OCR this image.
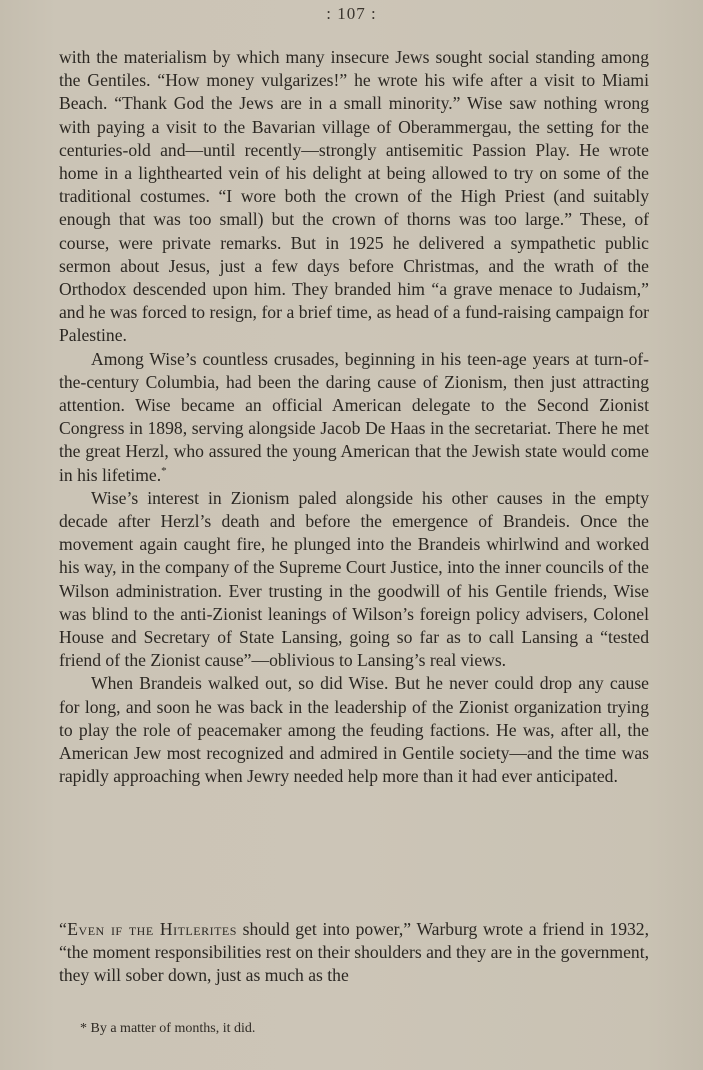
: 107 :

with the materialism by which many insecure Jews sought social standing among the Gentiles. “How money vulgarizes!” he wrote his wife after a visit to Miami Beach. “Thank God the Jews are in a small minority.” Wise saw nothing wrong with paying a visit to the Bavarian village of Oberammergau, the setting for the centuries-old and—until recently—strongly antisemitic Passion Play. He wrote home in a lighthearted vein of his delight at being allowed to try on some of the traditional costumes. “I wore both the crown of the High Priest (and suitably enough that was too small) but the crown of thorns was too large.” These, of course, were private remarks. But in 1925 he delivered a sympathetic public sermon about Jesus, just a few days before Christmas, and the wrath of the Orthodox descended upon him. They branded him “a grave menace to Judaism,” and he was forced to resign, for a brief time, as head of a fund-raising campaign for Palestine.

Among Wise’s countless crusades, beginning in his teen-age years at turn-of-the-century Columbia, had been the daring cause of Zionism, then just attracting attention. Wise became an official American delegate to the Second Zionist Congress in 1898, serving alongside Jacob De Haas in the secretariat. There he met the great Herzl, who assured the young American that the Jewish state would come in his lifetime.*

Wise’s interest in Zionism paled alongside his other causes in the empty decade after Herzl’s death and before the emergence of Brandeis. Once the movement again caught fire, he plunged into the Brandeis whirlwind and worked his way, in the company of the Supreme Court Justice, into the inner councils of the Wilson administration. Ever trusting in the goodwill of his Gentile friends, Wise was blind to the anti-Zionist leanings of Wilson’s foreign policy advisers, Colonel House and Secretary of State Lansing, going so far as to call Lansing a “tested friend of the Zionist cause”—oblivious to Lansing’s real views.

When Brandeis walked out, so did Wise. But he never could drop any cause for long, and soon he was back in the leadership of the Zionist organization trying to play the role of peacemaker among the feuding factions. He was, after all, the American Jew most recognized and admired in Gentile society—and the time was rapidly approaching when Jewry needed help more than it had ever anticipated.

“Even if the Hitlerites should get into power,” Warburg wrote a friend in 1932, “the moment responsibilities rest on their shoulders and they are in the government, they will sober down, just as much as the

* By a matter of months, it did.
